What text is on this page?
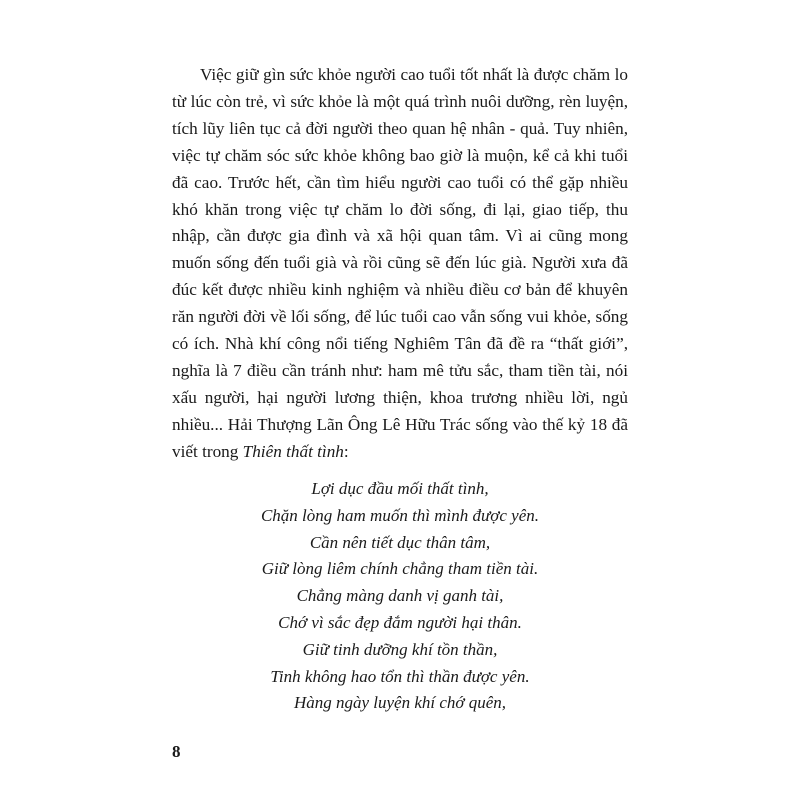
Việc giữ gìn sức khỏe người cao tuổi tốt nhất là được chăm lo từ lúc còn trẻ, vì sức khỏe là một quá trình nuôi dưỡng, rèn luyện, tích lũy liên tục cả đời người theo quan hệ nhân - quả. Tuy nhiên, việc tự chăm sóc sức khỏe không bao giờ là muộn, kể cả khi tuổi đã cao. Trước hết, cần tìm hiểu người cao tuổi có thể gặp nhiều khó khăn trong việc tự chăm lo đời sống, đi lại, giao tiếp, thu nhập, cần được gia đình và xã hội quan tâm. Vì ai cũng mong muốn sống đến tuổi già và rồi cũng sẽ đến lúc già. Người xưa đã đúc kết được nhiều kinh nghiệm và nhiều điều cơ bản để khuyên răn người đời về lối sống, để lúc tuổi cao vẫn sống vui khỏe, sống có ích. Nhà khí công nổi tiếng Nghiêm Tân đã đề ra “thất giới”, nghĩa là 7 điều cần tránh như: ham mê tửu sắc, tham tiền tài, nói xấu người, hại người lương thiện, khoa trương nhiều lời, ngủ nhiều... Hải Thượng Lãn Ông Lê Hữu Trác sống vào thế kỷ 18 đã viết trong Thiên thất tình:

Lợi dục đầu mối thất tình,
Chặn lòng ham muốn thì mình được yên.
Cần nên tiết dục thân tâm,
Giữ lòng liêm chính chẳng tham tiền tài.
Chẳng màng danh vị ganh tài,
Chớ vì sắc đẹp đắm người hại thân.
Giữ tinh dưỡng khí tồn thần,
Tinh không hao tổn thì thần được yên.
Hàng ngày luyện khí chớ quên,
8
